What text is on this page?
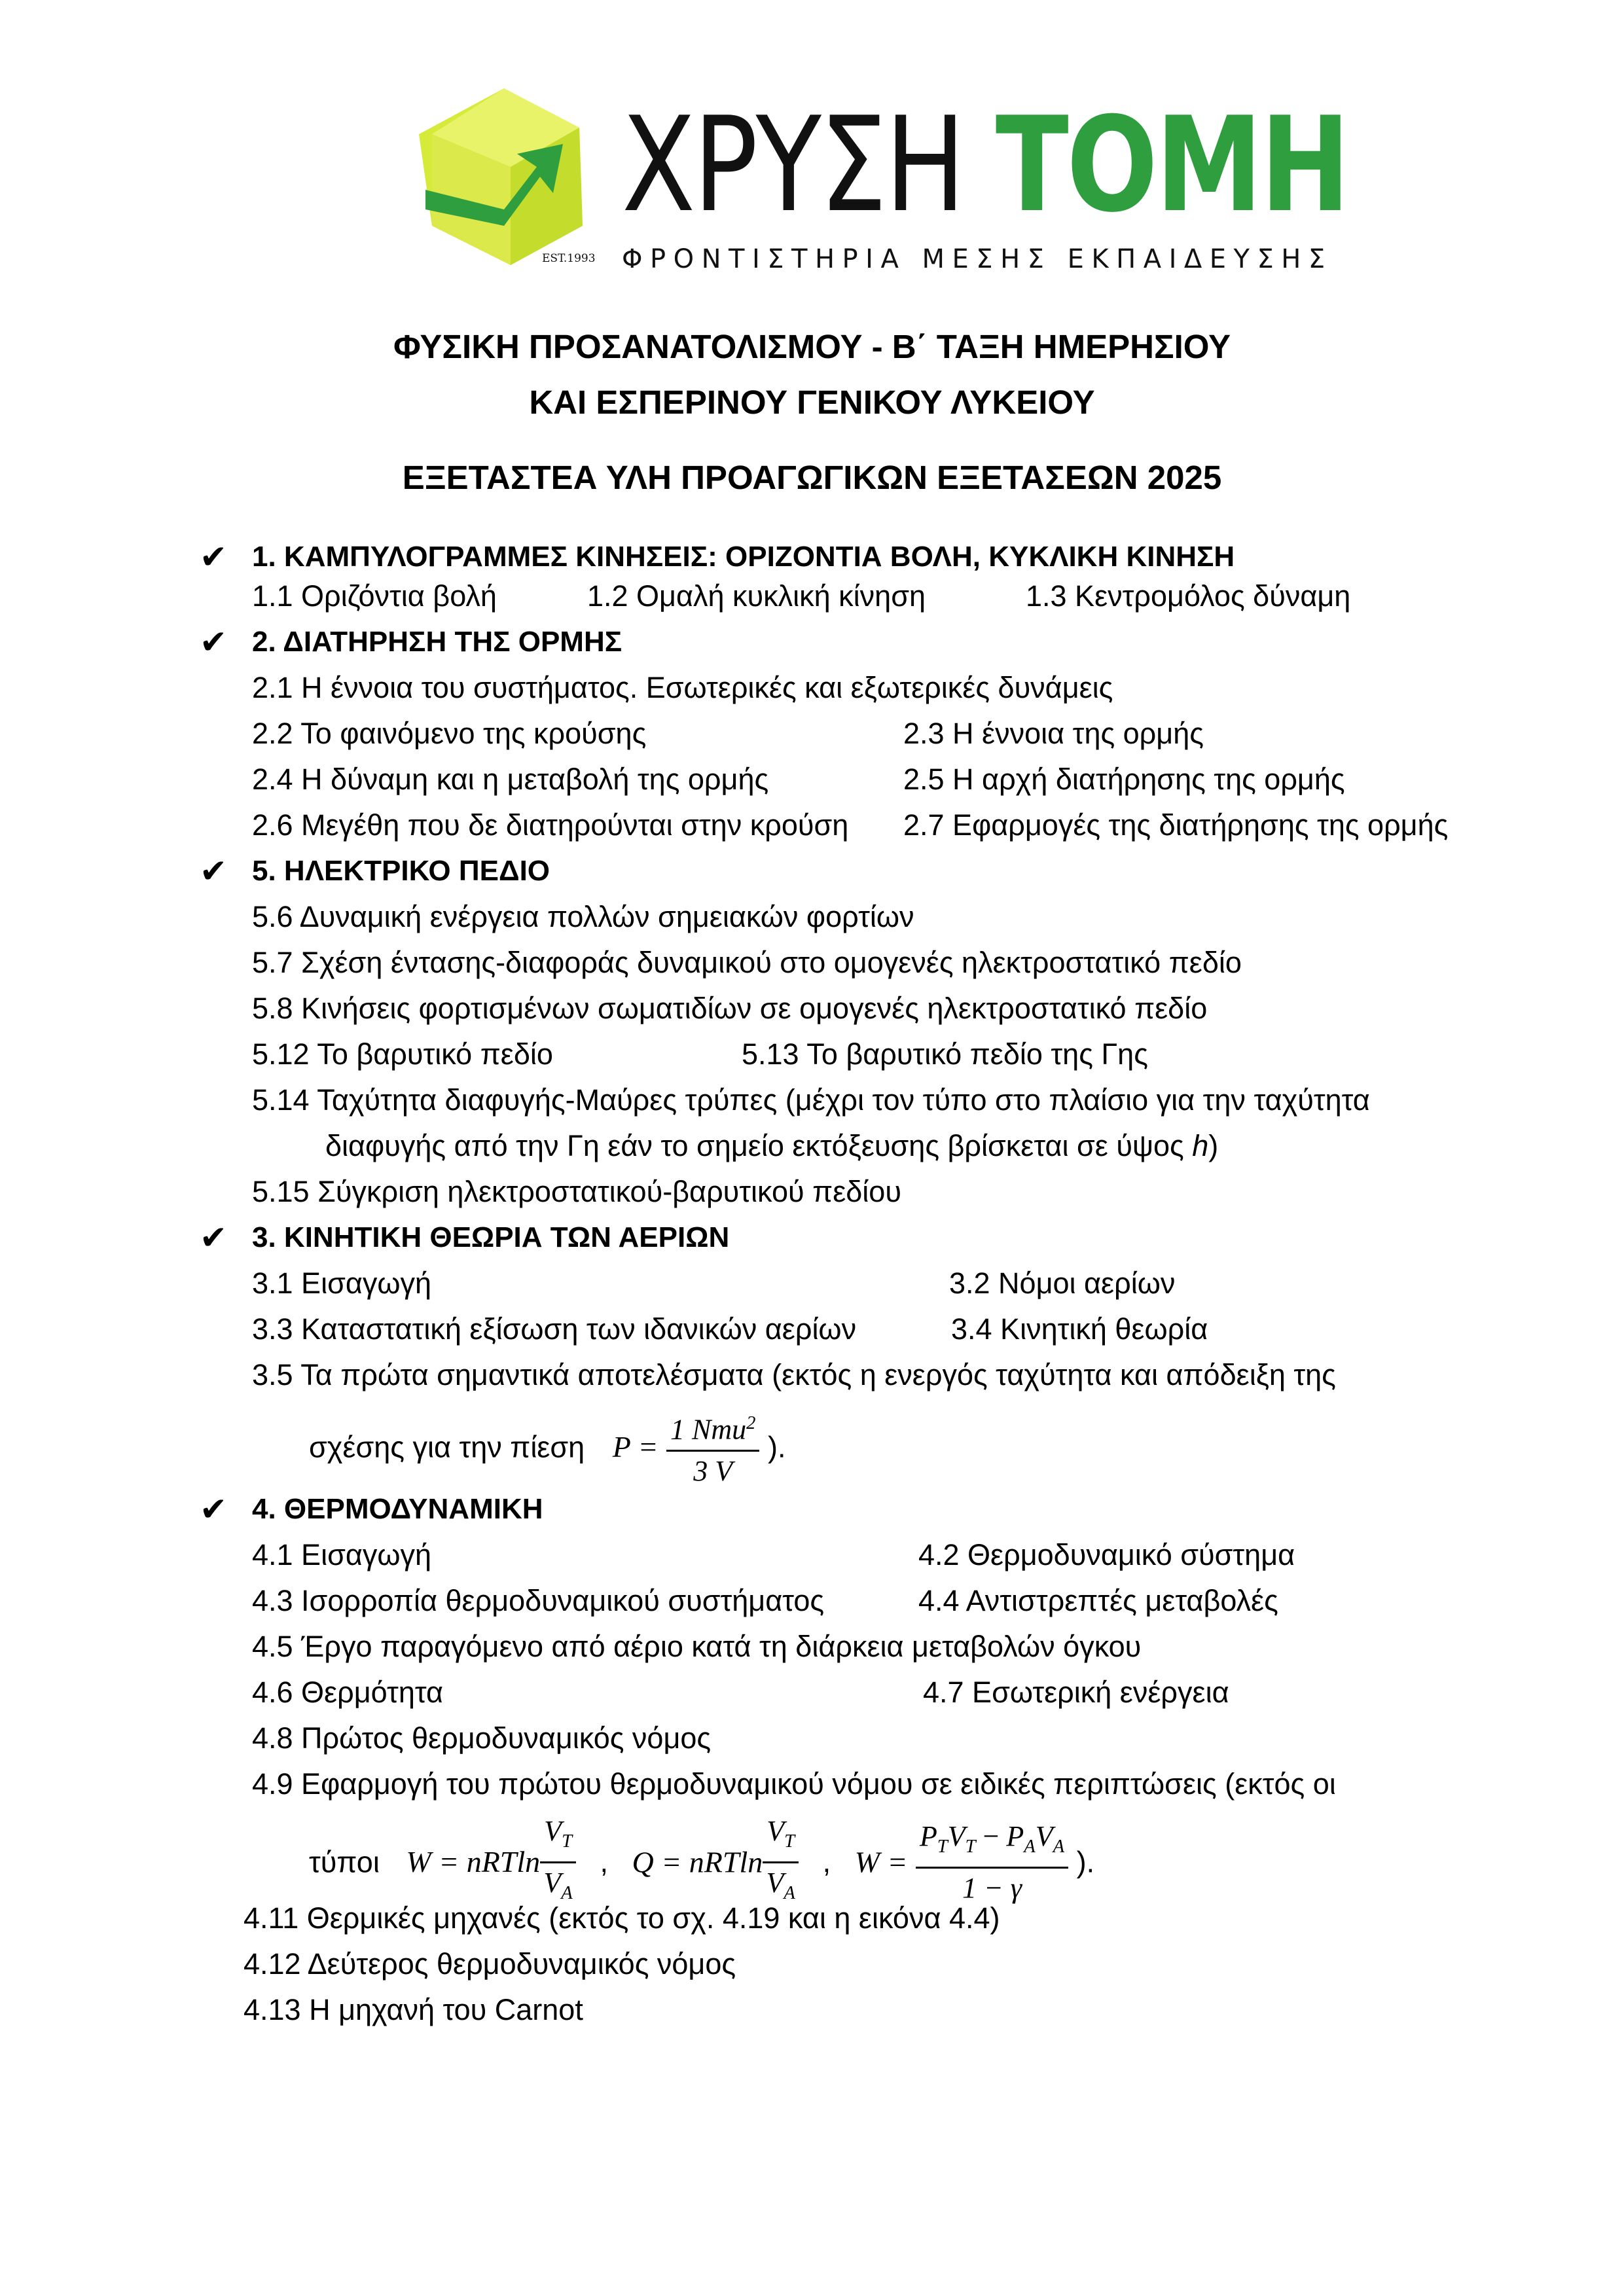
ΧΡΥΣΗ ΤΟΜΗ
ΦΡΟΝΤΙΣΤΗΡΙΑ ΜΕΣΗΣ ΕΚΠΑΙΔΕΥΣΗΣ
EST.1993
ΦΥΣΙΚΗ ΠΡΟΣΑΝΑΤΟΛΙΣΜΟΥ - Β΄ ΤΑΞΗ ΗΜΕΡΗΣΙΟΥ
ΚΑΙ ΕΣΠΕΡΙΝΟΥ ΓΕΝΙΚΟΥ ΛΥΚΕΙΟΥ
ΕΞΕΤΑΣΤΕΑ ΥΛΗ ΠΡΟΑΓΩΓΙΚΩΝ ΕΞΕΤΑΣΕΩΝ 2025
✔ 1. ΚΑΜΠΥΛΟΓΡΑΜΜΕΣ ΚΙΝΗΣΕΙΣ: ΟΡΙΖΟΝΤΙΑ ΒΟΛΗ, ΚΥΚΛΙΚΗ ΚΙΝΗΣΗ
1.1 Οριζόντια βολή	1.2 Ομαλή κυκλική κίνηση	1.3 Κεντρομόλος δύναμη
✔ 2. ΔΙΑΤΗΡΗΣΗ ΤΗΣ ΟΡΜΗΣ
2.1 Η έννοια του συστήματος. Εσωτερικές και εξωτερικές δυνάμεις
2.2 Το φαινόμενο της κρούσης	2.3 Η έννοια της ορμής
2.4 Η δύναμη και η μεταβολή της ορμής	2.5 Η αρχή διατήρησης της ορμής
2.6 Μεγέθη που δε διατηρούνται στην κρούση 2.7 Εφαρμογές της διατήρησης της ορμής
✔ 5. ΗΛΕΚΤΡΙΚΟ ΠΕΔΙΟ
5.6 Δυναμική ενέργεια πολλών σημειακών φορτίων
5.7 Σχέση έντασης-διαφοράς δυναμικού στο ομογενές ηλεκτροστατικό πεδίο
5.8 Κινήσεις φορτισμένων σωματιδίων σε ομογενές ηλεκτροστατικό πεδίο
5.12 Το βαρυτικό πεδίο	5.13 Το βαρυτικό πεδίο της Γης
5.14 Ταχύτητα διαφυγής-Μαύρες τρύπες (μέχρι τον τύπο στο πλαίσιο για την ταχύτητα
διαφυγής από την Γη εάν το σημείο εκτόξευσης βρίσκεται σε ύψος h)
5.15 Σύγκριση ηλεκτροστατικού-βαρυτικού πεδίου
✔ 3. ΚΙΝΗΤΙΚΗ ΘΕΩΡΙΑ ΤΩΝ ΑΕΡΙΩΝ
3.1 Εισαγωγή	3.2 Νόμοι αερίων
3.3 Καταστατική εξίσωση των ιδανικών αερίων	3.4 Κινητική θεωρία
3.5 Τα πρώτα σημαντικά αποτελέσματα (εκτός η ενεργός ταχύτητα και απόδειξη της
σχέσης για την πίεση $P = \frac{1 Nmu^2}{3 V}$ ).
✔ 4. ΘΕΡΜΟΔΥΝΑΜΙΚΗ
4.1 Εισαγωγή	4.2 Θερμοδυναμικό σύστημα
4.3 Ισορροπία θερμοδυναμικού συστήματος	4.4 Αντιστρεπτές μεταβολές
4.5 Έργο παραγόμενο από αέριο κατά τη διάρκεια μεταβολών όγκου
4.6 Θερμότητα	4.7 Εσωτερική ενέργεια
4.8 Πρώτος θερμοδυναμικός νόμος
4.9 Εφαρμογή του πρώτου θερμοδυναμικού νόμου σε ειδικές περιπτώσεις (εκτός οι
τύποι W = nRTln $\frac{V_T}{V_A}$ , Q = nRTln $\frac{V_T}{V_A}$ , $W = \frac{P_TV_T - P_AV_A}{1 - \gamma}$ ).
4.11 Θερμικές μηχανές (εκτός το σχ. 4.19 και η εικόνα 4.4)
4.12 Δεύτερος θερμοδυναμικός νόμος
4.13 Η μηχανή του Carnot
